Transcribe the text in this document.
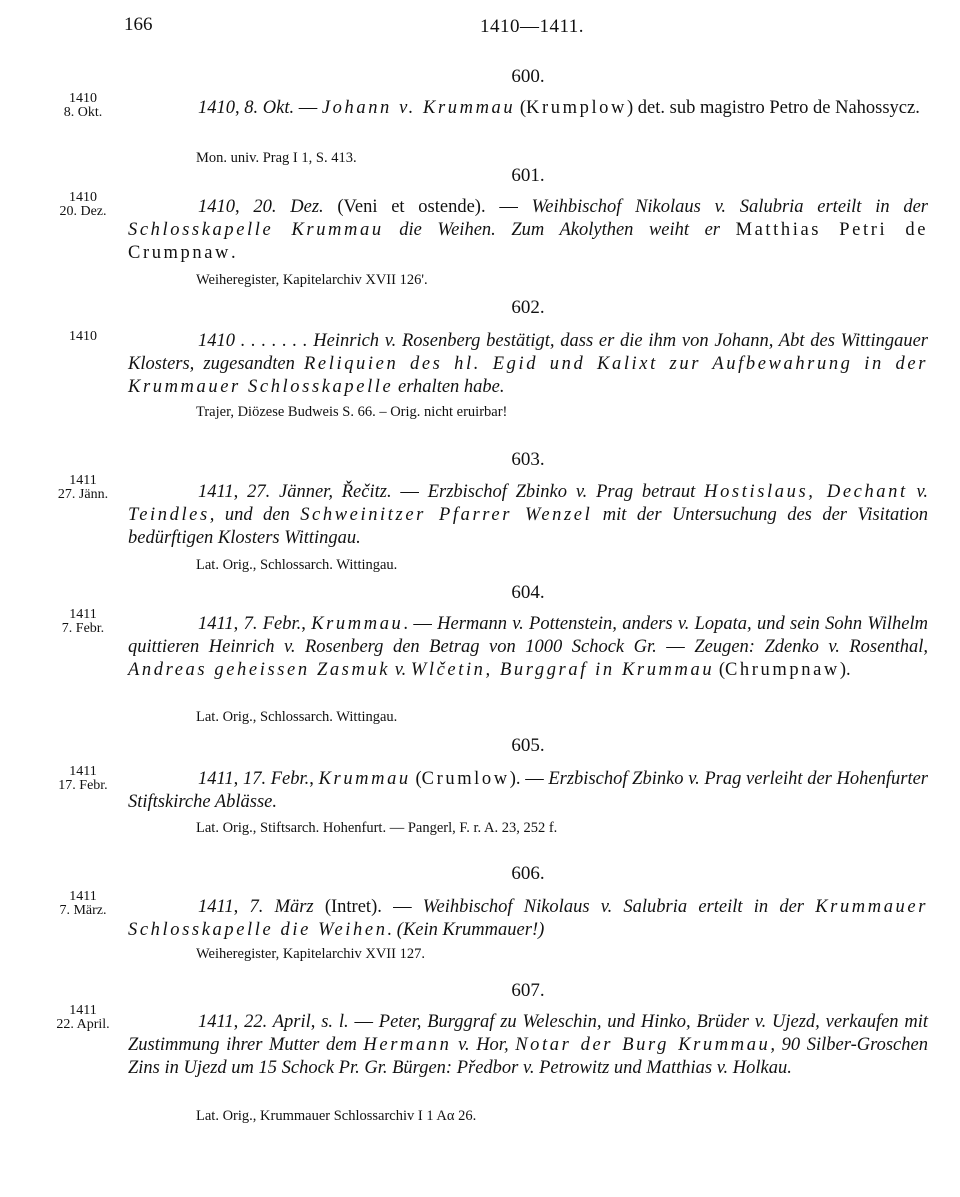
166	1410—1411.
600.
1410
8. Okt.	1410, 8. Okt. — Johann v. Krummau (Krumplow) det. sub magistro Petro de Nahossycz.
Mon. univ. Prag I 1, S. 413.
601.
1410
20. Dez.	1410, 20. Dez. (Veni et ostende). — Weihbischof Nikolaus v. Salubria erteilt in der Schlosskapelle Krummau die Weihen. Zum Akolythen weiht er Matthias Petri de Crumpnaw.
Weiheregister, Kapitelarchiv XVII 126'.
602.
1410	1410 . . . . . . . Heinrich v. Rosenberg bestätigt, dass er die ihm von Johann, Abt des Wittingauer Klosters, zugesandten Reliquien des hl. Egid und Kalixt zur Aufbewahrung in der Krummauer Schlosskapelle erhalten habe.
Trajer, Diözese Budweis S. 66. – Orig. nicht eruirbar!
603.
1411
27. Jänn.	1411, 27. Jänner, Řečitz. — Erzbischof Zbinko v. Prag betraut Hostislaus, Dechant v. Teindles, und den Schweinitzer Pfarrer Wenzel mit der Untersuchung des der Visitation bedürftigen Klosters Wittingau.
Lat. Orig., Schlossarch. Wittingau.
604.
1411
7. Febr.	1411, 7. Febr., Krummau. — Hermann v. Pottenstein, anders v. Lopata, und sein Sohn Wilhelm quittieren Heinrich v. Rosenberg den Betrag von 1000 Schock Gr. — Zeugen: Zdenko v. Rosenthal, Andreas geheissen Zasmuk v. Wlčetin, Burggraf in Krummau (Chrumpnaw).
Lat. Orig., Schlossarch. Wittingau.
605.
1411
17. Febr.	1411, 17. Febr., Krummau (Crumlow). — Erzbischof Zbinko v. Prag verleiht der Hohenfurter Stiftskirche Ablässe.
Lat. Orig., Stiftsarch. Hohenfurt. — Pangerl, F. r. A. 23, 252 f.
606.
1411
7. März.	1411, 7. März (Intret). — Weihbischof Nikolaus v. Salubria erteilt in der Krummauer Schlosskapelle die Weihen. (Kein Krummauer!)
Weiheregister, Kapitelarchiv XVII 127.
607.
1411
22. April.	1411, 22. April, s. l. — Peter, Burggraf zu Weleschin, und Hinko, Brüder v. Ujezd, verkaufen mit Zustimmung ihrer Mutter dem Hermann v. Hor, Notar der Burg Krummau, 90 Silber-Groschen Zins in Ujezd um 15 Schock Pr. Gr. Bürgen: Předbor v. Petrowitz und Matthias v. Holkau.
Lat. Orig., Krummauer Schlossarchiv I 1 Aα 26.
